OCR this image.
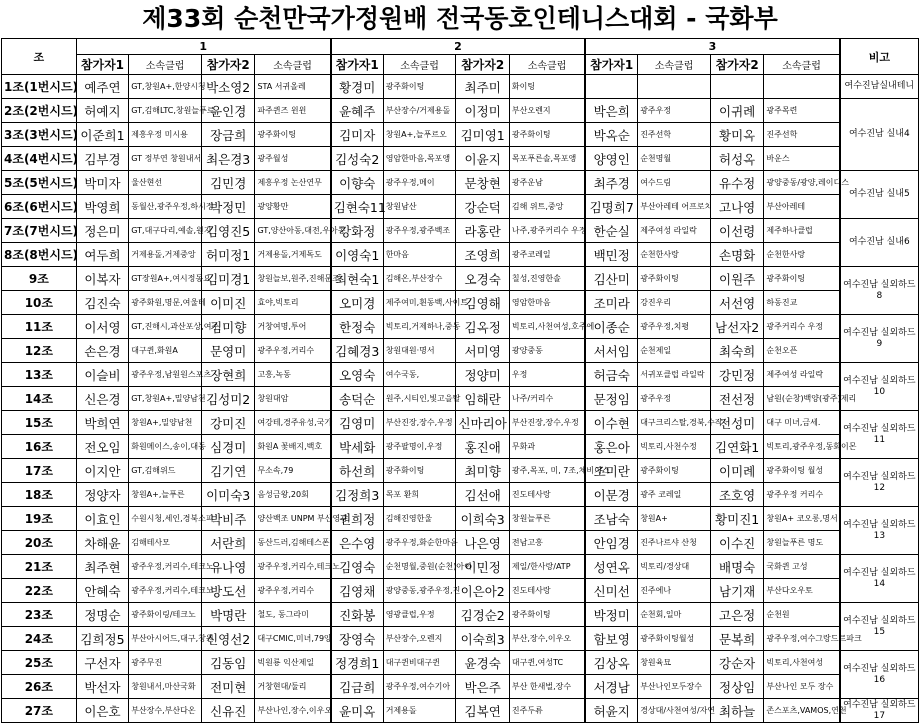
제33회 순천만국가정원배 전국동호인테니스대회 - 국화부
조	1				2				3				비고
	참가자1	소속클럽	참가자2	소속클럽	참가자1	소속클럽	참가자2	소속클럽	참가자1	소속클럽	참가자2	소속클럽	
1조(1번시드)	예주연	GT,창원A+,한양시청	박소영2	STA 서귀올레	황경미	광주화이팅	최주미	화이팅					여수진남실내테니
2조(2번시드)	허예지	GT,김해LTC,창원늘푸르	윤인경	파주퀸즈 윈윈	윤혜주	부산장수/거제용돌	이정미	부산오렌지	박은희	광주우정	이귀례	광주목련	여수진남 실내4
3조(3번시드)	이준희1	제흥우정 미시용	장금희	광주화이팅	김미자	창원A+,늘푸르오	김미영1	광주화이팅	박옥순	진주선학	황미옥	진주선학	
4조(4번시드)	김부경	GT 정부연 창원내서	최은경3	광주월성	김성숙2	영암한마음,목포앵	이윤지	목포푸른솔,목포앵	양영인	순천명월	허성옥	바운스	
5조(5번시드)	박미자	울산현선	김민경	제흥우정 논산연무	이향숙	광주우정,메이	문창현	광주운남	최주경	여수드림	유수정	광양중동/광양,레이디스	여수진남 실내5
6조(6번시드)	박영희	동월산,광주우정,하시정	박정민	광양황만	김현숙11	창원남산	강순덕	김해 위트,중앙	김명희7	부산아레테 어프로치	고나영	부산아레테	
7조(7번시드)	정은미	GT,대구다리,예솔,원지	김영진5	GT,양산아동,대전,우아동	강화정	광주우정,광주백조	라홍란	나주,광주커리수 우정	한순실	제주여성 라일락	이선령	제주하나클럽	여수진남 실내6
8조(8번시드)	여두희	거제용돌,거제중앙	허미정1	거제용돌,거제독도	이영숙1	한마음	조영희	광주코레일	백민정	순천한사랑	손명화	순천한사랑	
9조	이복자	GT장원A+,여시정동요	김미경1	창원늘보,원주,진해문조	최현숙1	김해온,부산장수	오경숙	칠성,진영한솔	김산미	광주화이팅	이원주	광주화이팅	여수진남 실외하드8
10조	김진숙	광주화원,명문,여울테	이미진	효야,빅토리	오미경	제주여미,흰동백,사이트	김영해	영암한마음	조미라	강진우리	서선영	하동진교	
11조	이서영	GT,진해시,과산포상,여주	김미향	거창여명,투어	한정숙	빅토리,거제하나,중동	김옥정	빅토리,사천여성,호주에	이종순	광주우정,치평	남선자2	광주커리수 우정	여수진남 실외하드9
12조	손은경	대구퀸,화원A	문영미	광주우정,커리수	김혜경3	창원대원·명서	서미영	광양중동	서서임	순천제일	최숙희	순천오픈	
13조	이슬비	광주우정,남원원스포츠	장현희	고흥,녹동	오영숙	여수국동,	정양미	우정	허금숙	서귀포클럽 라일락	강민정	제주여성 라일락	여수진남 실외하드10
14조	신은경	GT,창원A+,밀양남천	김성미2	창원대암	송덕순	원주,시티인,빛고을탈	임해란	나주/커리수	문정임	광주우정	전선정	남원(순창)백양(광주)제리	
15조	박희연	창원A+,밀양남천	강미진	여강테,경주유성,국가	김영미	부산진장,장수,우정	신마리아	부산진장,장수,우정	이수현	대구크리스탈,경북,수작	전성미	대구 미녀,금세.	여수진남 실외하드11
16조	전오임	화원메이스,송이,대동	심경미	화원A 꽃배지,백호	박세화	광주팔명이,우정	홍진애	무화과	홍은아	빅토리,사천수정	김연화1	빅토리,광주우정,동화이몬	
17조	이지안	GT,김해위드	김기연	무소속,79	하선희	광주화이팅	최미향	광주,목포, 미, 7조,체비이스	조미란	광주화이팅	이미례	광주화이팅 월성	여수진남 실외하드12
18조	정양자	창원A+,늘푸른	이미숙3	음성금왕,20회	김정희3	목포 환희	김선애	진도테사랑	이문경	광주 코레일	조호영	광주우정 커리수	
19조	이효인	수원시청,세인,경북소피	박비주	양산백조 UNPM 부산영광	권희정	김해진영한울	이희숙3	창원늘푸른	조남숙	창원A+	황미진1	창원A+ 코오롱,명서	여수진남 실외하드13
20조	차해윤	김해테사모	서란희	동산드러,김해테스폰	은수영	광주우정,화순한마음	나은영	전남고흥	안임경	진주나르샤 산청	이수진	창원늘푸른 명도	
21조	최주현	광주우정,커리수,테크노	유나영	광주우정,커리수,테크노	김영숙	순천명월,중원(순천)아이	이민정	제일/한사랑/ATP	성연옥	빅토리/경상대	배명숙	국화퀸 고성	여수진남 실외하드14
22조	안혜숙	광주우정,커리수,테크노	방도선	광주우정,커리수	김영채	광양중동,광주우정,진	이은아2	진도테사랑	신미선	진주에나	남기재	부산다오우토	
23조	정명순	광주화이링/테크노	박명란	철도, 동그라미	진화봉	영광클럽,우정	김경순2	광주화이팅	박정미	순천회,일마	고은정	순천원	여수진남 실외하드15
24조	김희정5	부산아시어드,대구,창원	신영선2	대구CMIC,미녀,79양	장영숙	부산장수,오렌지	이숙희3	부산,장수,이우오	함보영	광주화이팅월성	문복희	광주우정,여수그랑드르파크	
25조	구선자	광주무진	김동임	빅원룡 익산제일	정경희1	대구퀸비대구퀸	윤경숙	대구퀸,여성TC	김상옥	창원육묘	강순자	빅토리,사천여성	여수진남 실외하드16
26조	박선자	창원내서,마산국화	전미현	거창현대/둘리	김금희	광주우정,여수기아	박은주	부산 한새벌,장수	서경남	부산나인모두장수	정상임	부산나인 모두 장수	
27조	이은호	부산장수,부산다온	신유진	부산나인,장수,이우오	윤미옥	거제용돌	김복연	진주두류	허윤지	경상대/사천여성/자연	최하늘	존스포츠,VAMOS,연천	여수진남 실외하드17
